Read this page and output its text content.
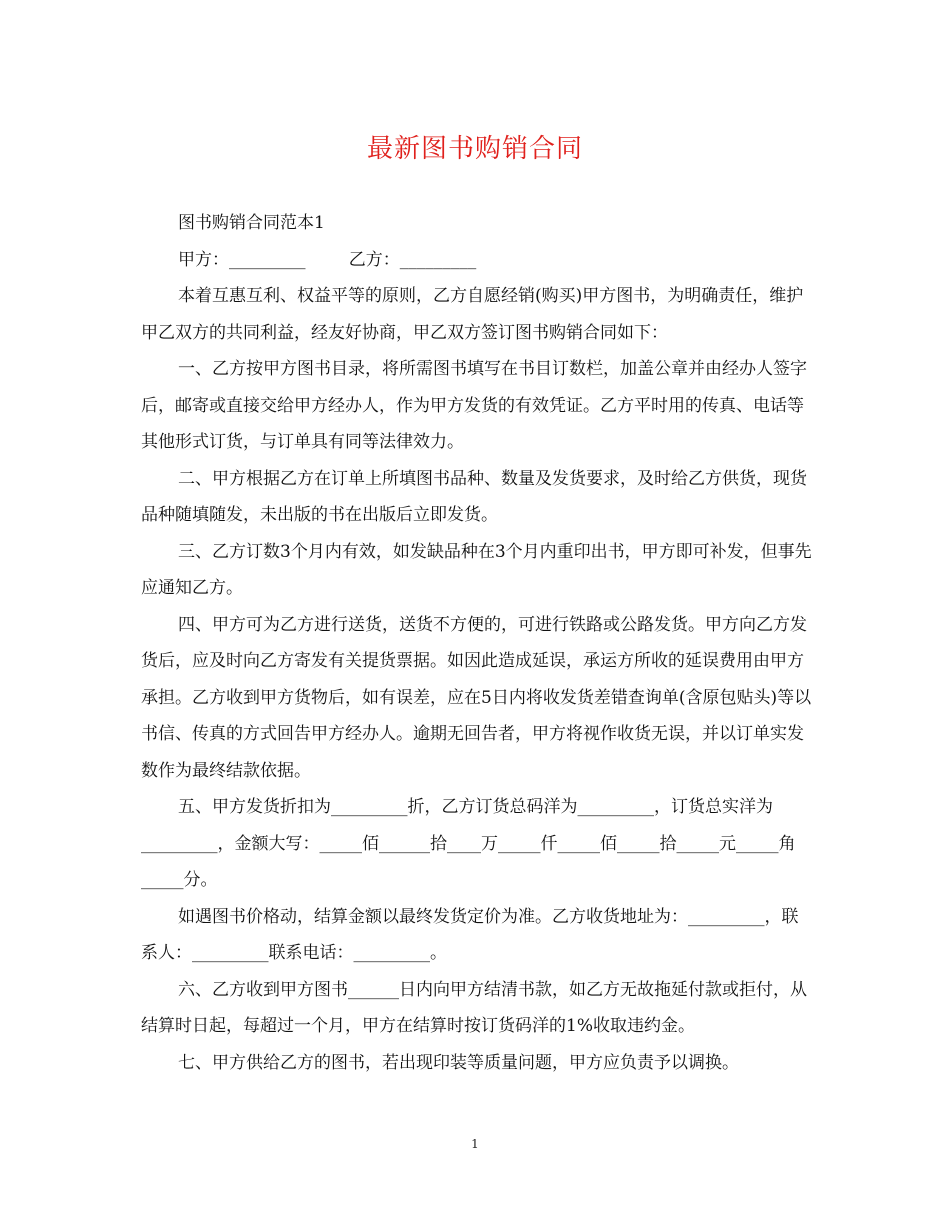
最新图书购销合同

图书购销合同范本1

甲方：_________	乙方：_________

本着互惠互利、权益平等的原则，乙方自愿经销(购买)甲方图书，为明确责任，维护甲乙双方的共同利益，经友好协商，甲乙双方签订图书购销合同如下：

一、乙方按甲方图书目录，将所需图书填写在书目订数栏，加盖公章并由经办人签字后，邮寄或直接交给甲方经办人，作为甲方发货的有效凭证。乙方平时用的传真、电话等其他形式订货，与订单具有同等法律效力。

二、甲方根据乙方在订单上所填图书品种、数量及发货要求，及时给乙方供货，现货品种随填随发，未出版的书在出版后立即发货。

三、乙方订数3个月内有效，如发缺品种在3个月内重印出书，甲方即可补发，但事先应通知乙方。

四、甲方可为乙方进行送货，送货不方便的，可进行铁路或公路发货。甲方向乙方发货后，应及时向乙方寄发有关提货票据。如因此造成延误，承运方所收的延误费用由甲方承担。乙方收到甲方货物后，如有误差，应在5日内将收发货差错查询单(含原包贴头)等以书信、传真的方式回告甲方经办人。逾期无回告者，甲方将视作收货无误，并以订单实发数作为最终结款依据。

五、甲方发货折扣为_________折，乙方订货总码洋为_________，订货总实洋为_________，金额大写：_____佰______拾____万_____仟_____佰_____拾_____元_____角_____分。

如遇图书价格动，结算金额以最终发货定价为准。乙方收货地址为：_________，联系人：_________联系电话：_________。

六、乙方收到甲方图书______日内向甲方结清书款，如乙方无故拖延付款或拒付，从结算时日起，每超过一个月，甲方在结算时按订货码洋的1%收取违约金。

七、甲方供给乙方的图书，若出现印装等质量问题，甲方应负责予以调换。

1
